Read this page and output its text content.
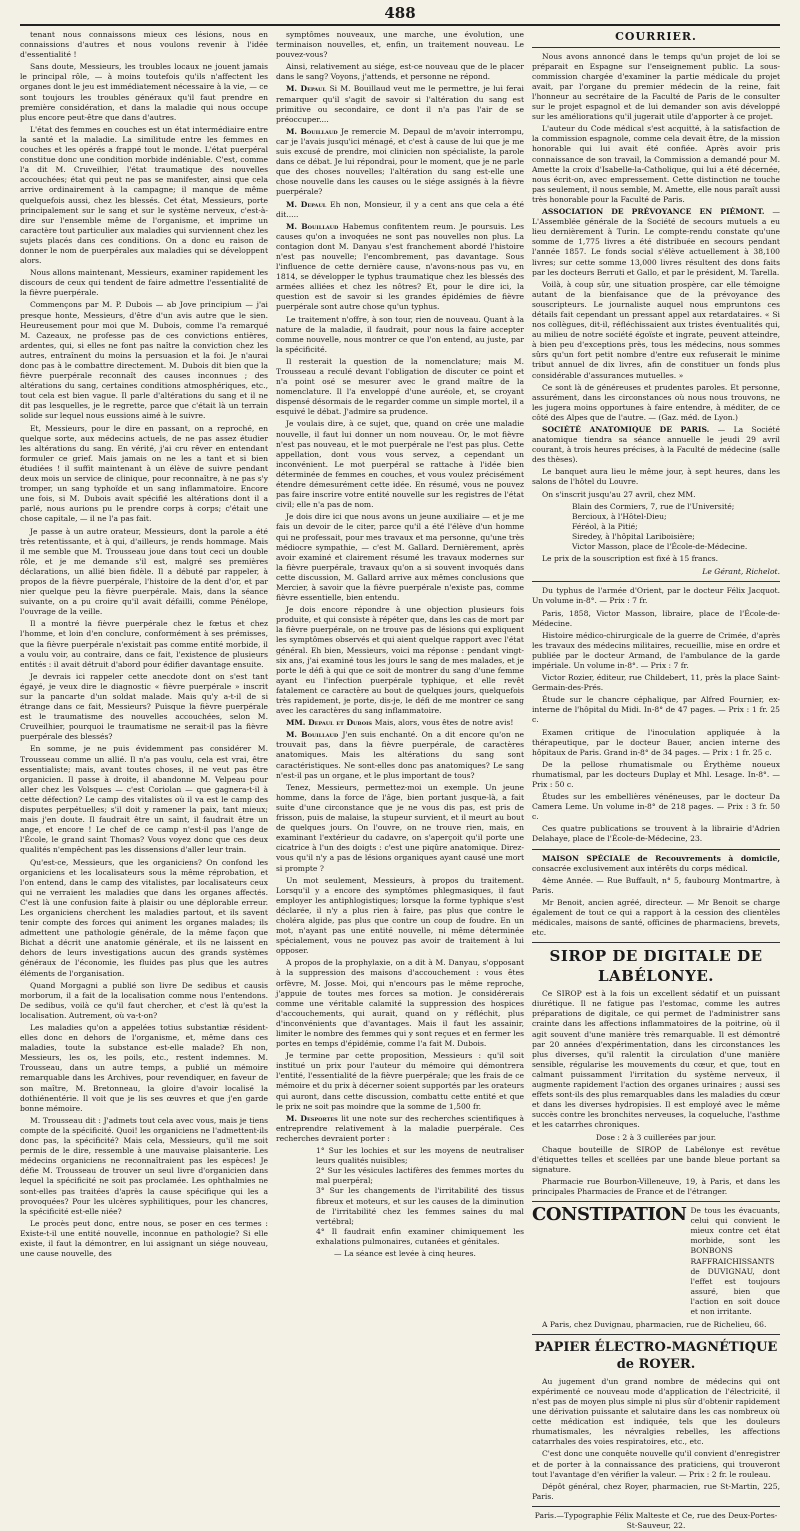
488

tenant nous connaissons mieux ces lésions, nous en connaissions d'autres et nous voulons revenir à l'idée d'essentialité !

Sans doute, Messieurs, les troubles locaux ne jouent jamais le principal rôle, — à moins toutefois qu'ils n'affectent les organes dont le jeu est immédiatement nécessaire à la vie, — ce sont toujours les troubles généraux qu'il faut prendre en première considération, et dans la maladie qui nous occupe plus encore peut-être que dans d'autres.

L'état des femmes en couches est un état intermédiaire entre la santé et la maladie. La similitude entre les femmes en couches et les opérés a frappé tout le monde. L'état puerpéral constitue donc une condition morbide indéniable. C'est, comme l'a dit M. Cruveilhier, l'état traumatique des nouvelles accouchées; état qui peut ne pas se manifester, ainsi que cela arrive ordinairement à la campagne; il manque de même quelquefois aussi, chez les blessés. Cet état, Messieurs, porte principalement sur le sang et sur le système nerveux, c'est-à-dire sur l'ensemble même de l'organisme, et imprime un caractère tout particulier aux maladies qui surviennent chez les sujets placés dans ces conditions. On a donc eu raison de donner le nom de puerpérales aux maladies qui se développent alors.

Nous allons maintenant, Messieurs, examiner rapidement les discours de ceux qui tendent de faire admettre l'essentialité de la fièvre puerpérale.

Commençons par M. P. Dubois — ab Jove principium — j'ai presque honte, Messieurs, d'être d'un avis autre que le sien. Heureusement pour moi que M. Dubois, comme l'a remarqué M. Cazeaux, ne professe pas de ces convictions entières, ardentes, qui, si elles ne font pas naître la conviction chez les autres, entraînent du moins la persuasion et la foi. Je n'aurai donc pas à le combattre directement. M. Dubois dit bien que la fièvre puerpérale reconnaît des causes inconnues ; des altérations du sang, certaines conditions atmosphériques, etc., tout cela est bien vague. Il parle d'altérations du sang et il ne dit pas lesquelles, je le regrette, parce que c'était là un terrain solide sur lequel nous eussions aimé à le suivre.

Et, Messieurs, pour le dire en passant, on a reproché, en quelque sorte, aux médecins actuels, de ne pas assez étudier les altérations du sang. En vérité, j'ai cru rêver en entendant formuler ce grief. Mais jamais on ne les a tant et si bien étudiées ! il suffit maintenant à un élève de suivre pendant deux mois un service de clinique, pour reconnaître, à ne pas s'y tromper, un sang typhoïde et un sang inflammatoire. Encore une fois, si M. Dubois avait spécifié les altérations dont il a parlé, nous aurions pu le prendre corps à corps; c'était une chose capitale, — il ne l'a pas fait.

Je passe à un autre orateur, Messieurs, dont la parole a été très retentissante, et à qui, d'ailleurs, je rends hommage. Mais il me semble que M. Trousseau joue dans tout ceci un double rôle, et je me demande s'il est, malgré ses premières déclarations, un allié bien fidèle. Il a débuté par rappeler, à propos de la fièvre puerpérale, l'histoire de la dent d'or, et par nier quelque peu la fièvre puerpérale. Mais, dans la séance suivante, on a pu croire qu'il avait défailli, comme Pénélope, l'ouvrage de la veille.

Il a montré la fièvre puerpérale chez le fœtus et chez l'homme, et loin d'en conclure, conformément à ses prémisses, que la fièvre puerpérale n'existait pas comme entité morbide, il a voulu voir, au contraire, dans ce fait, l'existence de plusieurs entités : il avait détruit d'abord pour édifier davantage ensuite.

Je devrais ici rappeler cette anecdote dont on s'est tant égayé, je veux dire le diagnostic « fièvre puerpérale » inscrit sur la pancarte d'un soldat malade. Mais qu'y a-t-il de si étrange dans ce fait, Messieurs? Puisque la fièvre puerpérale est le traumatisme des nouvelles accouchées, selon M. Cruveilhier, pourquoi le traumatisme ne serait-il pas la fièvre puerpérale des blessés?

En somme, je ne puis évidemment pas considérer M. Trousseau comme un allié. Il n'a pas voulu, cela est vrai, être essentialiste; mais, avant toutes choses, il ne veut pas être organicien. Il passe à droite, il abandonne M. Velpeau pour aller chez les Volsques — c'est Coriolan — que gagnera-t-il à cette défection? Le camp des vitalistes où il va est le camp des disputes perpétuelles; s'il doit y ramener la paix, tant mieux; mais j'en doute. Il faudrait être un saint, il faudrait être un ange, et encore ! Le chef de ce camp n'est-il pas l'ange de l'École, le grand saint Thomas? Vous voyez donc que ces deux qualités n'empêchent pas les dissensions d'aller leur train.

Qu'est-ce, Messieurs, que les organiciens? On confond les organiciens et les localisateurs sous la même réprobation, et l'on entend, dans le camp des vitalistes, par localisateurs ceux qui ne verraient les maladies que dans les organes affectés. C'est là une confusion faite à plaisir ou une déplorable erreur. Les organiciens cherchent les maladies partout, et ils savent tenir compte des forces qui animent les organes malades; ils admettent une pathologie générale, de la même façon que Bichat a décrit une anatomie générale, et ils ne laissent en dehors de leurs investigations aucun des grands systèmes généraux de l'économie, les fluides pas plus que les autres éléments de l'organisation.

Quand Morgagni a publié son livre De sedibus et causis morborum, il a fait de la localisation comme nous l'entendons. De sedibus, voilà ce qu'il faut chercher, et c'est là qu'est la localisation. Autrement, où va-t-on?

Les maladies qu'on a appelées totius substantiæ résident-elles donc en dehors de l'organisme, et, même dans ces maladies, toute la substance est-elle malade? Eh non, Messieurs, les os, les poils, etc., restent indemnes. M. Trousseau, dans un autre temps, a publié un mémoire remarquable dans les Archives, pour revendiquer, en faveur de son maître, M. Bretonneau, la gloire d'avoir localisé la dothiénentérie. Il voit que je lis ses œuvres et que j'en garde bonne mémoire.

M. Trousseau dit : J'admets tout cela avec vous, mais je tiens compte de la spécificité. Quoi! les organiciens ne l'admettent-ils donc pas, la spécificité? Mais cela, Messieurs, qu'il me soit permis de le dire, ressemble à une mauvaise plaisanterie. Les médecins organiciens ne reconnaîtraient pas les espèces! Je défie M. Trousseau de trouver un seul livre d'organicien dans lequel la spécificité ne soit pas proclamée. Les ophthalmies ne sont-elles pas traitées d'après la cause spécifique qui les a provoquées? Pour les ulcères syphilitiques, pour les chancres, la spécificité est-elle niée?

Le procès peut donc, entre nous, se poser en ces termes : Existe-t-il une entité nouvelle, inconnue en pathologie? Si elle existe, il faut la démontrer, en lui assignant un siége nouveau, une cause nouvelle, des

symptômes nouveaux, une marche, une évolution, une terminaison nouvelles, et, enfin, un traitement nouveau. Le pouvez-vous?

Ainsi, relativement au siége, est-ce nouveau que de le placer dans le sang? Voyons, j'attends, et personne ne répond.

M. Depaul Si M. Bouillaud veut me le permettre, je lui ferai remarquer qu'il s'agit de savoir si l'altération du sang est primitive ou secondaire, ce dont il n'a pas l'air de se préoccuper....

M. Bouillaud Je remercie M. Depaul de m'avoir interrompu, car je l'avais jusqu'ici ménagé, et c'est à cause de lui que je me suis excusé de prendre, moi clinicien non spécialiste, la parole dans ce débat. Je lui répondrai, pour le moment, que je ne parle que des choses nouvelles; l'altération du sang est-elle une chose nouvelle dans les causes ou le siége assignés à la fièvre puerpérale?

M. Depaul Eh non, Monsieur, il y a cent ans que cela a été dit.....

M. Bouillaud Habemus confitentem reum. Je poursuis. Les causes qu'on a invoquées ne sont pas nouvelles non plus. La contagion dont M. Danyau s'est franchement abordé l'histoire n'est pas nouvelle; l'encombrement, pas davantage. Sous l'influence de cette dernière cause, n'avons-nous pas vu, en 1814, se développer le typhus traumatique chez les blessés des armées alliées et chez les nôtres? Et, pour le dire ici, la question est de savoir si les grandes épidémies de fièvre puerpérale sont autre chose qu'un typhus.

Le traitement n'offre, à son tour, rien de nouveau. Quant à la nature de la maladie, il faudrait, pour nous la faire accepter comme nouvelle, nous montrer ce que l'on entend, au juste, par la spécificité.

Il resterait la question de la nomenclature; mais M. Trousseau a reculé devant l'obligation de discuter ce point et n'a point osé se mesurer avec le grand maître de la nomenclature. Il l'a enveloppé d'une auréole, et, se croyant dispensé désormais de le regarder comme un simple mortel, il a esquivé le débat. J'admire sa prudence.

Je voulais dire, à ce sujet, que, quand on crée une maladie nouvelle, il faut lui donner un nom nouveau. Or, le mot fièvre n'est pas nouveau, et le mot puerpérale ne l'est pas plus. Cette appellation, dont vous vous servez, a cependant un inconvénient. Le mot puerpéral se rattache à l'idée bien déterminée de femmes en couches, et vous voulez précisément étendre démesurément cette idée. En résumé, vous ne pouvez pas faire inscrire votre entité nouvelle sur les registres de l'état civil; elle n'a pas de nom.

Je dois dire ici que nous avons un jeune auxiliaire — et je me fais un devoir de le citer, parce qu'il a été l'élève d'un homme qui ne professait, pour mes travaux et ma personne, qu'une très médiocre sympathie, — c'est M. Gallard. Dernièrement, après avoir examiné et clairement résumé les travaux modernes sur la fièvre puerpérale, travaux qu'on a si souvent invoqués dans cette discussion, M. Gallard arrive aux mêmes conclusions que Mercier, à savoir que la fièvre puerpérale n'existe pas, comme fièvre essentielle, bien entendu.

Je dois encore répondre à une objection plusieurs fois produite, et qui consiste à répéter que, dans les cas de mort par la fièvre puerpérale, on ne trouve pas de lésions qui expliquent les symptômes observés et qui aient quelque rapport avec l'état général. Eh bien, Messieurs, voici ma réponse : pendant vingt-six ans, j'ai examiné tous les jours le sang de mes malades, et je porte le défi à qui que ce soit de montrer du sang d'une femme ayant eu l'infection puerpérale typhique, et elle revêt fatalement ce caractère au bout de quelques jours, quelquefois très rapidement, je porte, dis-je, le défi de me montrer ce sang avec les caractères du sang inflammatoire.

MM. Depaul et Dubois Mais, alors, vous êtes de notre avis!

M. Bouillaud J'en suis enchanté. On a dit encore qu'on ne trouvait pas, dans la fièvre puerpérale, de caractères anatomiques. Mais les altérations du sang sont caractéristiques. Ne sont-elles donc pas anatomiques? Le sang n'est-il pas un organe, et le plus important de tous?

Tenez, Messieurs, permettez-moi un exemple. Un jeune homme, dans la force de l'âge, bien portant jusque-là, a fait suite d'une circonstance que je ne vous dis pas, est pris de frisson, puis de malaise, la stupeur survient, et il meurt au bout de quelques jours. On l'ouvre, on ne trouve rien, mais, en examinant l'extérieur du cadavre, on s'aperçoit qu'il porte une cicatrice à l'un des doigts : c'est une piqûre anatomique. Direz-vous qu'il n'y a pas de lésions organiques ayant causé une mort si prompte ?

Un mot seulement, Messieurs, à propos du traitement. Lorsqu'il y a encore des symptômes phlegmasiques, il faut employer les antiphlogistiques; lorsque la forme typhique s'est déclarée, il n'y a plus rien à faire, pas plus que contre le choléra algide, pas plus que contre un coup de foudre. En un mot, n'ayant pas une entité nouvelle, ni même déterminée spécialement, vous ne pouvez pas avoir de traitement à lui opposer.

A propos de la prophylaxie, on a dit à M. Danyau, s'opposant à la suppression des maisons d'accouchement : vous êtes orfèvre, M. Josse. Moi, qui n'encours pas le même reproche, j'appuie de toutes mes forces sa motion. Je considérerais comme une véritable calamité la suppression des hospices d'accouchements, qui aurait, quand on y réfléchit, plus d'inconvénients que d'avantages. Mais il faut les assainir, limiter le nombre des femmes qui y sont reçues et en fermer les portes en temps d'épidémie, comme l'a fait M. Dubois.

Je termine par cette proposition, Messieurs : qu'il soit institué un prix pour l'auteur du mémoire qui démontrera l'entité, l'essentialité de la fièvre puerpérale; que les frais de ce mémoire et du prix à décerner soient supportés par les orateurs qui auront, dans cette discussion, combattu cette entité et que le prix ne soit pas moindre que la somme de 1,500 fr.

M. Desportes lit une note sur des recherches scientifiques à entreprendre relativement à la maladie puerpérale. Ces recherches devraient porter :

1° Sur les lochies et sur les moyens de neutraliser leurs qualités nuisibles;
2° Sur les vésicules lactifères des femmes mortes du mal puerpéral;
3° Sur les changements de l'irritabilité des tissus fibreux et moteurs, et sur les causes de la diminution de l'irritabilité chez les femmes saines du mal vertébral;
4° Il faudrait enfin examiner chimiquement les exhalations pulmonaires, cutanées et génitales.

— La séance est levée à cinq heures.

COURRIER.

Nous avons annoncé dans le temps qu'un projet de loi se préparait en Espagne sur l'enseignement public. La sous-commission chargée d'examiner la partie médicale du projet avait, par l'organe du premier médecin de la reine, fait l'honneur au secrétaire de la Faculté de Paris de le consulter sur le projet espagnol et de lui demander son avis développé sur les améliorations qu'il jugerait utile d'apporter à ce projet.

L'auteur du Code médical s'est acquitté, à la satisfaction de la commission espagnole, comme cela devait être, de la mission honorable qui lui avait été confiée. Après avoir pris connaissance de son travail, la Commission a demandé pour M. Amette la croix d'Isabelle-la-Catholique, qui lui a été décernée, nous écrit-on, avec empressement. Cette distinction ne touche pas seulement, il nous semble, M. Amette, elle nous paraît aussi très honorable pour la Faculté de Paris.

ASSOCIATION DE PRÉVOYANCE EN PIÉMONT. — L'Assemblée générale de la Société de secours mutuels a eu lieu dernièrement à Turin. Le compte-rendu constate qu'une somme de 1,775 livres a été distribuée en secours pendant l'année 1857. Le fonds social s'élève actuellement à 38,100 livres; sur cette somme 13,000 livres résultent des dons faits par les docteurs Berruti et Gallo, et par le président, M. Tarella.

Voilà, à coup sûr, une situation prospère, car elle témoigne autant de la bienfaisance que de la prévoyance des souscripteurs. Le journaliste auquel nous empruntons ces détails fait cependant un pressant appel aux retardataires. « Si nos collègues, dit-il, réfléchissaient aux tristes éventualités qui, au milieu de notre société égoïste et ingrate, peuvent atteindre, à bien peu d'exceptions près, tous les médecins, nous sommes sûrs qu'un fort petit nombre d'entre eux refuserait le minime tribut annuel de dix livres, afin de constituer un fonds plus considérable d'assurances mutuelles. »

Ce sont là de généreuses et prudentes paroles. Et personne, assurément, dans les circonstances où nous nous trouvons, ne les jugera moins opportunes à faire entendre, à méditer, de ce côté des Alpes que de l'autre. — (Gaz. méd. de Lyon.)

SOCIÉTÉ ANATOMIQUE DE PARIS. — La Société anatomique tiendra sa séance annuelle le jeudi 29 avril courant, à trois heures précises, à la Faculté de médecine (salle des thèses).

Le banquet aura lieu le même jour, à sept heures, dans les salons de l'hôtel du Louvre.

On s'inscrit jusqu'au 27 avril, chez MM.

Blain des Cormiers, 7, rue de l'Université;
Bercioux, à l'Hôtel-Dieu;
Féréol, à la Pitié;
Siredey, à l'hôpital Lariboisière;
Victor Masson, place de l'École-de-Médecine.

Le prix de la souscription est fixé à 15 francs.

Le Gérant, Richelot.

Du typhus de l'armée d'Orient, par le docteur Félix Jacquot. Un volume in-8°. — Prix : 7 fr.

Paris, 1858, Victor Masson, libraire, place de l'École-de-Médecine.

Histoire médico-chirurgicale de la guerre de Crimée, d'après les travaux des médecins militaires, recueillie, mise en ordre et publiée par le docteur Armand, de l'ambulance de la garde impériale. Un volume in-8°. — Prix : 7 fr.

Victor Rozier, éditeur, rue Childebert, 11, près la place Saint-Germain-des-Prés.

Étude sur le chancre céphalique, par Alfred Fournier, ex-interne de l'hôpital du Midi. In-8° de 47 pages. — Prix : 1 fr. 25 c.

Examen critique de l'inoculation appliquée à la thérapeutique, par le docteur Bauer, ancien interne des hôpitaux de Paris. Grand in-8° de 34 pages. — Prix : 1 fr. 25 c.

De la pellose rhumatismale ou Érythème noueux rhumatismal, par les docteurs Duplay et Mhl. Lesage. In-8°. — Prix : 50 c.

Études sur les embellières vénéneuses, par le docteur Da Camera Leme. Un volume in-8° de 218 pages. — Prix : 3 fr. 50 c.

Ces quatre publications se trouvent à la librairie d'Adrien Delahaye, place de l'École-de-Médecine, 23.

MAISON SPÉCIALE de Recouvrements à domicile, consacrée exclusivement aux intérêts du corps médical.

4ème Année. — Rue Buffault, n° 5, faubourg Montmartre, à Paris.

Mr Benoit, ancien agréé, directeur. — Mr Benoit se charge également de tout ce qui a rapport à la cession des clientèles médicales, maisons de santé, officines de pharmaciens, brevets, etc.

SIROP DE DIGITALE DE LABÉLONYE.

Ce SIROP est à la fois un excellent sédatif et un puissant diurétique. Il ne fatigue pas l'estomac, comme les autres préparations de digitale, ce qui permet de l'administrer sans crainte dans les affections inflammatoires de la poitrine, où il agit souvent d'une manière très remarquable. Il est démontré par 20 années d'expérimentation, dans les circonstances les plus diverses, qu'il ralentit la circulation d'une manière sensible, régularise les mouvements du cœur, et que, tout en calmant puissamment l'irritation du système nerveux, il augmente rapidement l'action des organes urinaires ; aussi ses effets sont-ils des plus remarquables dans les maladies du cœur et dans les diverses hydropisies. Il est employé avec le même succès contre les bronchites nerveuses, la coqueluche, l'asthme et les catarrhes chroniques.

Dose : 2 à 3 cuillerées par jour.

Chaque bouteille de SIROP de Labélonye est revêtue d'étiquettes telles et scellées par une bande bleue portant sa signature.

Pharmacie rue Bourbon-Villeneuve, 19, à Paris, et dans les principales Pharmacies de France et de l'étranger.

CONSTIPATION De tous les évacuants, celui qui convient le mieux contre cet état morbide, sont les BONBONS RAFFRAICHISSANTS de DUVIGNAU, dont l'effet est toujours assuré, bien que l'action en soit douce et non irritante.

A Paris, chez Duvignau, pharmacien, rue de Richelieu, 66.

PAPIER ÉLECTRO-MAGNÉTIQUE de ROYER.

Au jugement d'un grand nombre de médecins qui ont expérimenté ce nouveau mode d'application de l'électricité, il n'est pas de moyen plus simple ni plus sûr d'obtenir rapidement une dérivation puissante et salutaire dans les cas nombreux où cette médication est indiquée, tels que les douleurs rhumatismales, les névralgies rebelles, les affections catarrhales des voies respiratoires, etc., etc.

C'est donc une conquête nouvelle qu'il convient d'enregistrer et de porter à la connaissance des praticiens, qui trouveront tout l'avantage d'en vérifier la valeur. — Prix : 2 fr. le rouleau.

Dépôt général, chez Royer, pharmacien, rue St-Martin, 225, Paris.

Paris.—Typographie Félix Malteste et Ce, rue des Deux-Portes-St-Sauveur, 22.
